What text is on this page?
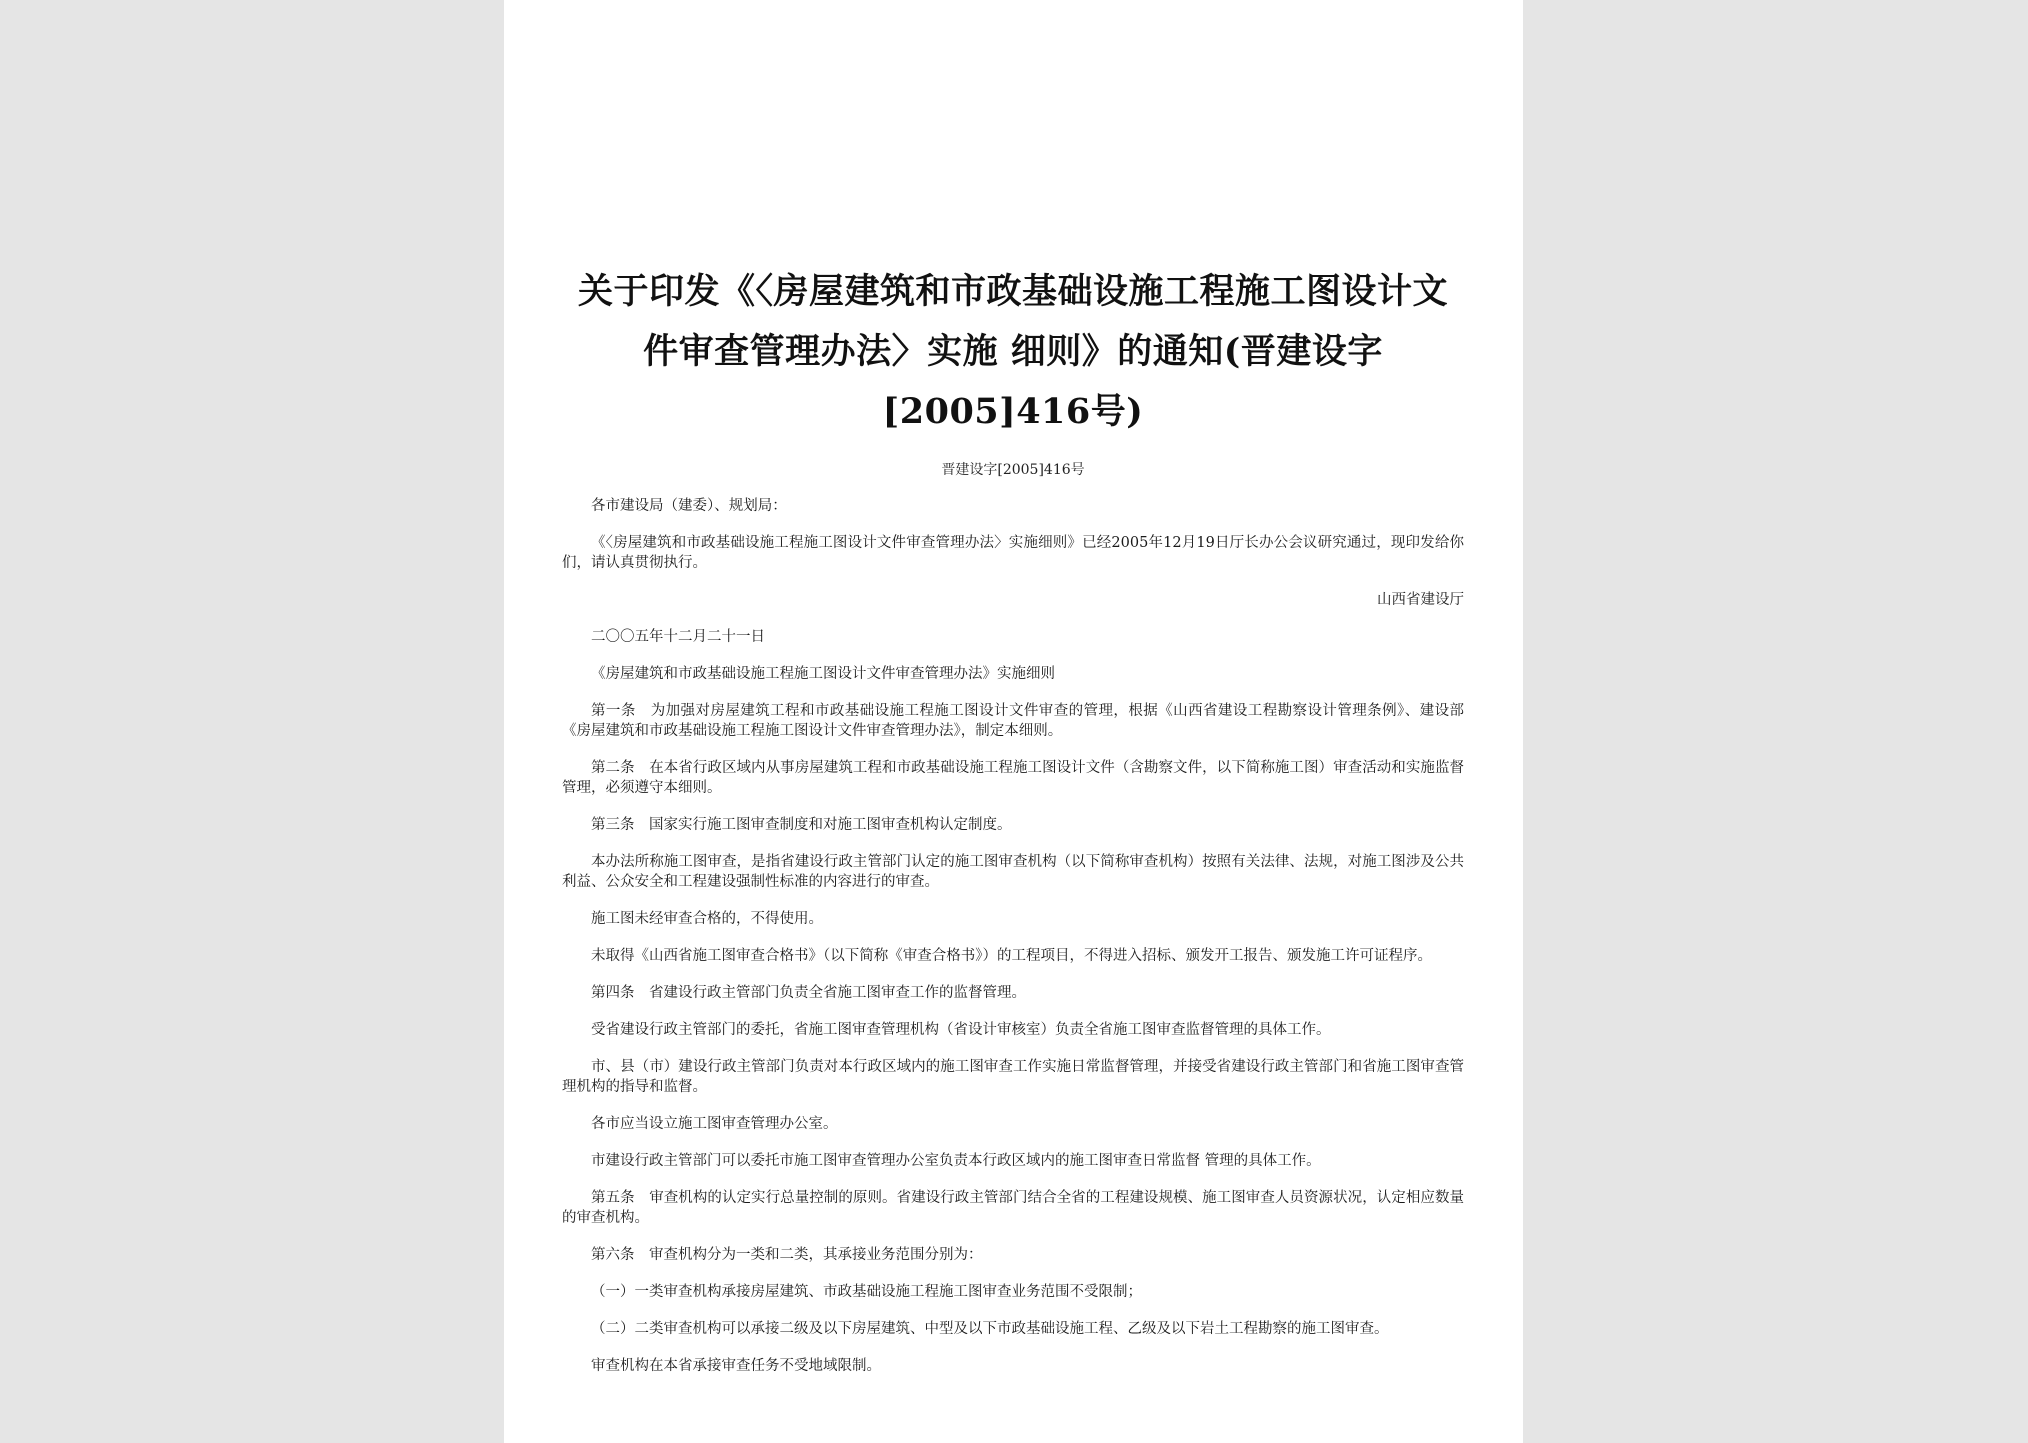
关于印发《〈房屋建筑和市政基础设施工程施工图设计文件审查管理办法〉实施 细则》的通知(晋建设字[2005]416号)
晋建设字[2005]416号

各市建设局（建委）、规划局：

《〈房屋建筑和市政基础设施工程施工图设计文件审查管理办法〉实施细则》已经2005年12月19日厅长办公会议研究通过，现印发给你们，请认真贯彻执行。

山西省建设厅

二〇〇五年十二月二十一日

《房屋建筑和市政基础设施工程施工图设计文件审查管理办法》实施细则

第一条　为加强对房屋建筑工程和市政基础设施工程施工图设计文件审查的管理，根据《山西省建设工程勘察设计管理条例》、建设部《房屋建筑和市政基础设施工程施工图设计文件审查管理办法》，制定本细则。

第二条　在本省行政区域内从事房屋建筑工程和市政基础设施工程施工图设计文件（含勘察文件，以下简称施工图）审查活动和实施监督管理，必须遵守本细则。

第三条　国家实行施工图审查制度和对施工图审查机构认定制度。

本办法所称施工图审查，是指省建设行政主管部门认定的施工图审查机构（以下简称审查机构）按照有关法律、法规，对施工图涉及公共利益、公众安全和工程建设强制性标准的内容进行的审查。

施工图未经审查合格的，不得使用。

未取得《山西省施工图审查合格书》（以下简称《审查合格书》）的工程项目，不得进入招标、颁发开工报告、颁发施工许可证程序。

第四条　省建设行政主管部门负责全省施工图审查工作的监督管理。

受省建设行政主管部门的委托，省施工图审查管理机构（省设计审核室）负责全省施工图审查监督管理的具体工作。

市、县（市）建设行政主管部门负责对本行政区域内的施工图审查工作实施日常监督管理，并接受省建设行政主管部门和省施工图审查管理机构的指导和监督。

各市应当设立施工图审查管理办公室。

市建设行政主管部门可以委托市施工图审查管理办公室负责本行政区域内的施工图审查日常监督 管理的具体工作。

第五条　审查机构的认定实行总量控制的原则。省建设行政主管部门结合全省的工程建设规模、施工图审查人员资源状况，认定相应数量的审查机构。

第六条　审查机构分为一类和二类，其承接业务范围分别为：

（一）一类审查机构承接房屋建筑、市政基础设施工程施工图审查业务范围不受限制；

（二）二类审查机构可以承接二级及以下房屋建筑、中型及以下市政基础设施工程、乙级及以下岩土工程勘察的施工图审查。

审查机构在本省承接审查任务不受地域限制。
